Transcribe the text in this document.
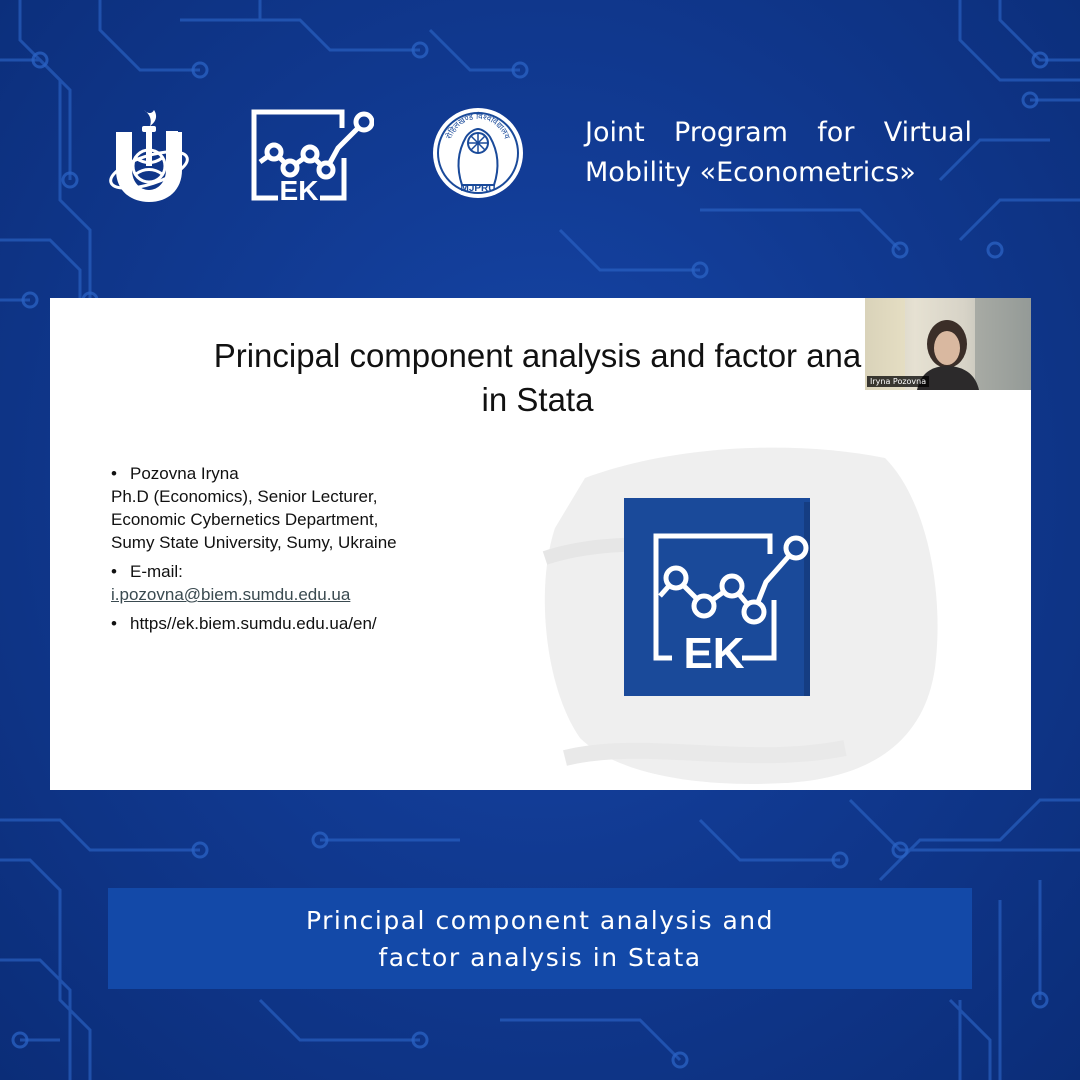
EK
रोहिलखण्ड विश्वविद्यालय
MJPRU
Joint Program for Virtual
Mobility «Econometrics»
Principal component analysis and factor ana
in Stata
• Pozovna Iryna
Ph.D (Economics), Senior Lecturer,
Economic Cybernetics Department,
Sumy State University, Sumy, Ukraine
• E-mail:
i.pozovna@biem.sumdu.edu.ua
• https//ek.biem.sumdu.edu.ua/en/
EK
Iryna Pozovna
Principal component analysis and
factor analysis in Stata
